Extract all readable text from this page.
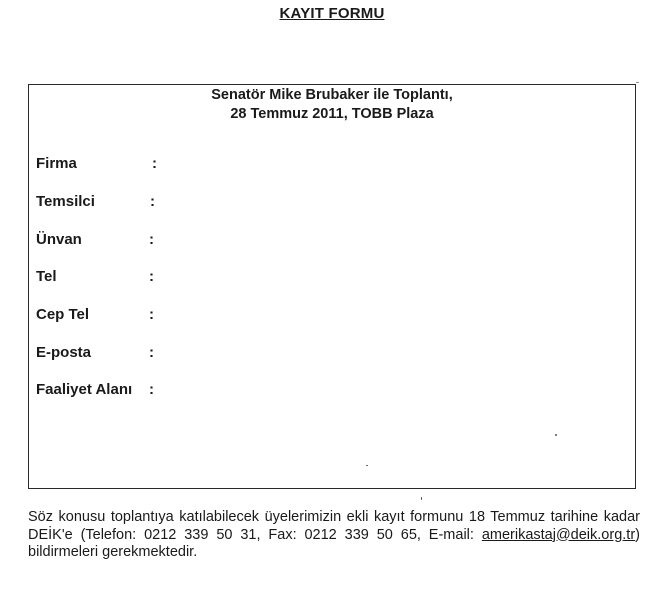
KAYIT FORMU
Senatör Mike Brubaker ile Toplantı,
28 Temmuz 2011, TOBB Plaza
Firma	:
Temsilci	:
Ünvan	:
Tel	:
Cep Tel	:
E-posta	:
Faaliyet Alanı :
Söz konusu toplantıya katılabilecek üyelerimizin ekli kayıt formunu 18 Temmuz tarihine kadar DEİK'e (Telefon: 0212 339 50 31, Fax: 0212 339 50 65, E-mail: amerikastaj@deik.org.tr) bildirmeleri gerekmektedir.
